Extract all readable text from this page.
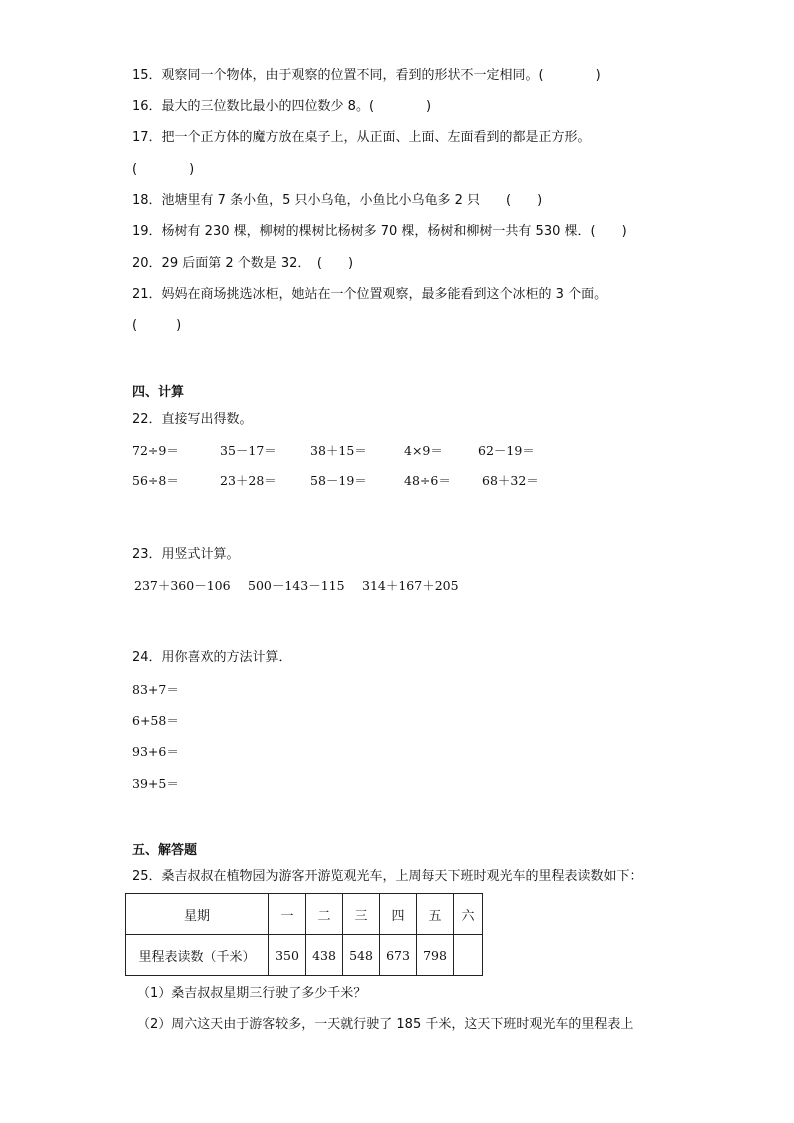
15．观察同一个物体，由于观察的位置不同，看到的形状不一定相同。(　　　　)
16．最大的三位数比最小的四位数少 8。(　　　　)
17．把一个正方体的魔方放在桌子上，从正面、上面、左面看到的都是正方形。
(　　　　)
18．池塘里有 7 条小鱼，5 只小乌龟，小鱼比小乌龟多 2 只　　(　　)
19．杨树有 230 棵，柳树的棵树比杨树多 70 棵，杨树和柳树一共有 530 棵．(　　)
20．29 后面第 2 个数是 32．　(　　)
21．妈妈在商场挑选冰柜，她站在一个位置观察，最多能看到这个冰柜的 3 个面。
(　　　)
四、计算
22．直接写出得数。
72÷9＝	35－17＝	38＋15＝	4×9＝	62－19＝
56÷8＝	23＋28＝	58－19＝	48÷6＝ 68＋32＝
23．用竖式计算。
237＋360－106 500－143－115 314＋167＋205
24．用你喜欢的方法计算．
83+7＝
6+58＝
93+6＝
39+5＝
五、解答题
25．桑吉叔叔在植物园为游客开游览观光车，上周每天下班时观光车的里程表读数如下：
星期	一	二	三	四	五	六
里程表读数（千米）	350	438	548	673	798	
（1）桑吉叔叔星期三行驶了多少千米？
（2）周六这天由于游客较多，一天就行驶了 185 千米，这天下班时观光车的里程表上
